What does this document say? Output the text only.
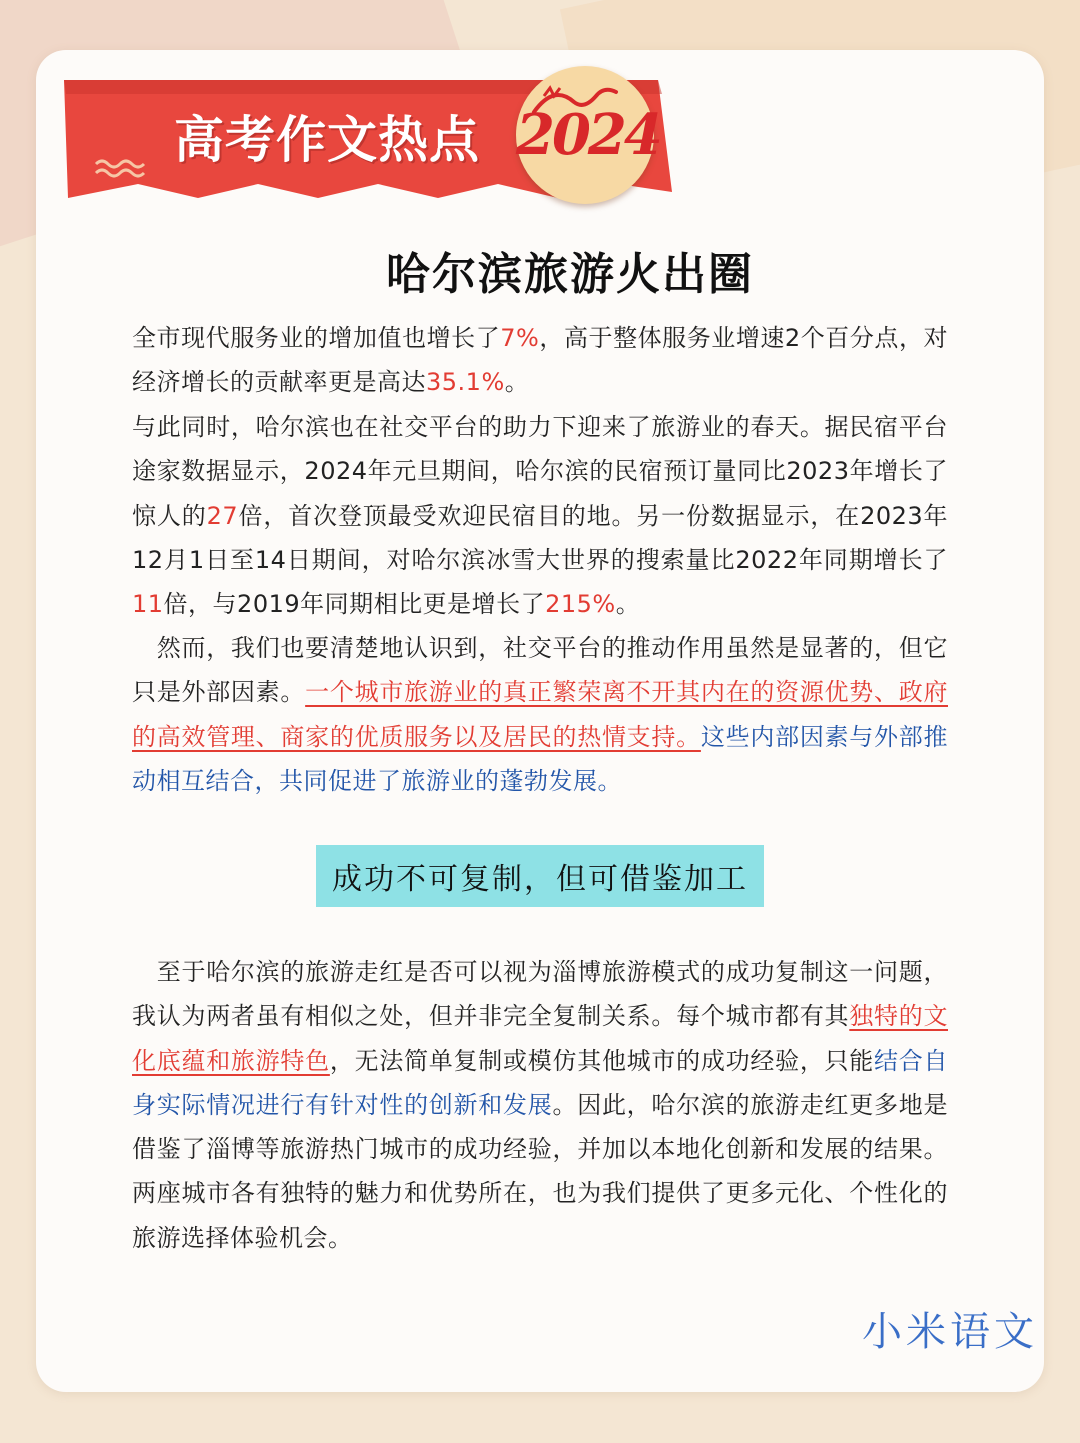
高考作文热点 2024
哈尔滨旅游火出圈

全市现代服务业的增加值也增长了7%，高于整体服务业增速2个百分点，对经济增长的贡献率更是高达35.1%。

与此同时，哈尔滨也在社交平台的助力下迎来了旅游业的春天。据民宿平台途家数据显示，2024年元旦期间，哈尔滨的民宿预订量同比2023年增长了惊人的27倍，首次登顶最受欢迎民宿目的地。另一份数据显示，在2023年12月1日至14日期间，对哈尔滨冰雪大世界的搜索量比2022年同期增长了11倍，与2019年同期相比更是增长了215%。

　然而，我们也要清楚地认识到，社交平台的推动作用虽然是显著的，但它只是外部因素。一个城市旅游业的真正繁荣离不开其内在的资源优势、政府的高效管理、商家的优质服务以及居民的热情支持。这些内部因素与外部推动相互结合，共同促进了旅游业的蓬勃发展。

成功不可复制，但可借鉴加工

　至于哈尔滨的旅游走红是否可以视为淄博旅游模式的成功复制这一问题，我认为两者虽有相似之处，但并非完全复制关系。每个城市都有其独特的文化底蕴和旅游特色，无法简单复制或模仿其他城市的成功经验，只能结合自身实际情况进行有针对性的创新和发展。因此，哈尔滨的旅游走红更多地是借鉴了淄博等旅游热门城市的成功经验，并加以本地化创新和发展的结果。两座城市各有独特的魅力和优势所在，也为我们提供了更多元化、个性化的旅游选择体验机会。

小米语文
